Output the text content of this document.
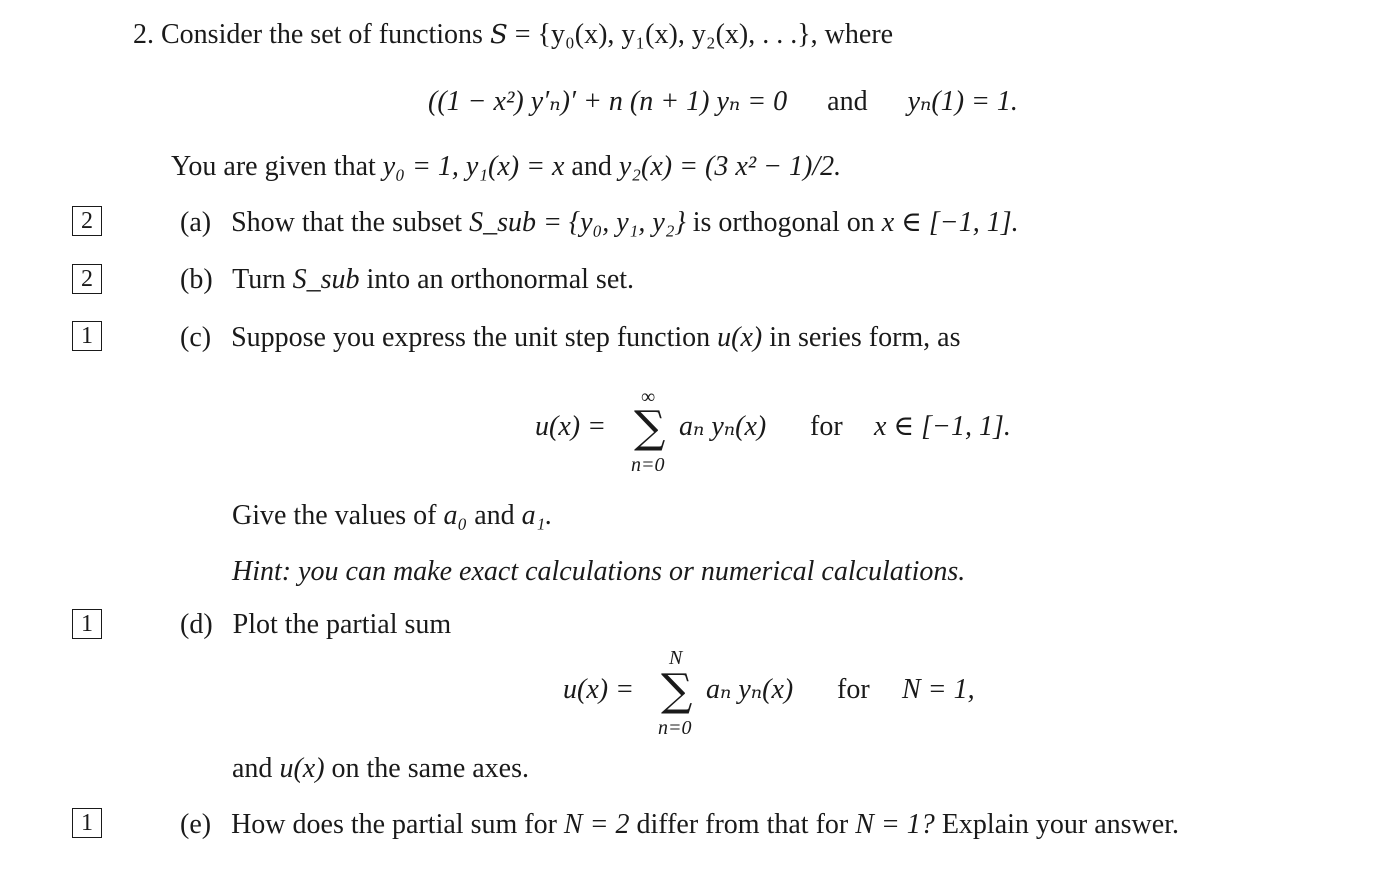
2. Consider the set of functions S = {y₀(x), y₁(x), y₂(x), . . .}, where
((1 − x²) y′ₙ)′ + n (n + 1) yₙ = 0 and yₙ(1) = 1.
You are given that y₀ = 1, y₁(x) = x and y₂(x) = (3 x² − 1)/2.
2	(a) Show that the subset S_sub = {y₀, y₁, y₂} is orthogonal on x ∈ [−1, 1].
2	(b) Turn S_sub into an orthonormal set.
1	(c) Suppose you express the unit step function u(x) in series form, as
u(x) =
∞
∑
n=0
aₙ yₙ(x) for x ∈ [−1, 1].
Give the values of a₀ and a₁.
Hint: you can make exact calculations or numerical calculations.
1	(d) Plot the partial sum
u(x) =
N
∑
n=0
aₙ yₙ(x) for N = 1,
and u(x) on the same axes.
1	(e) How does the partial sum for N = 2 differ from that for N = 1? Explain your answer.
